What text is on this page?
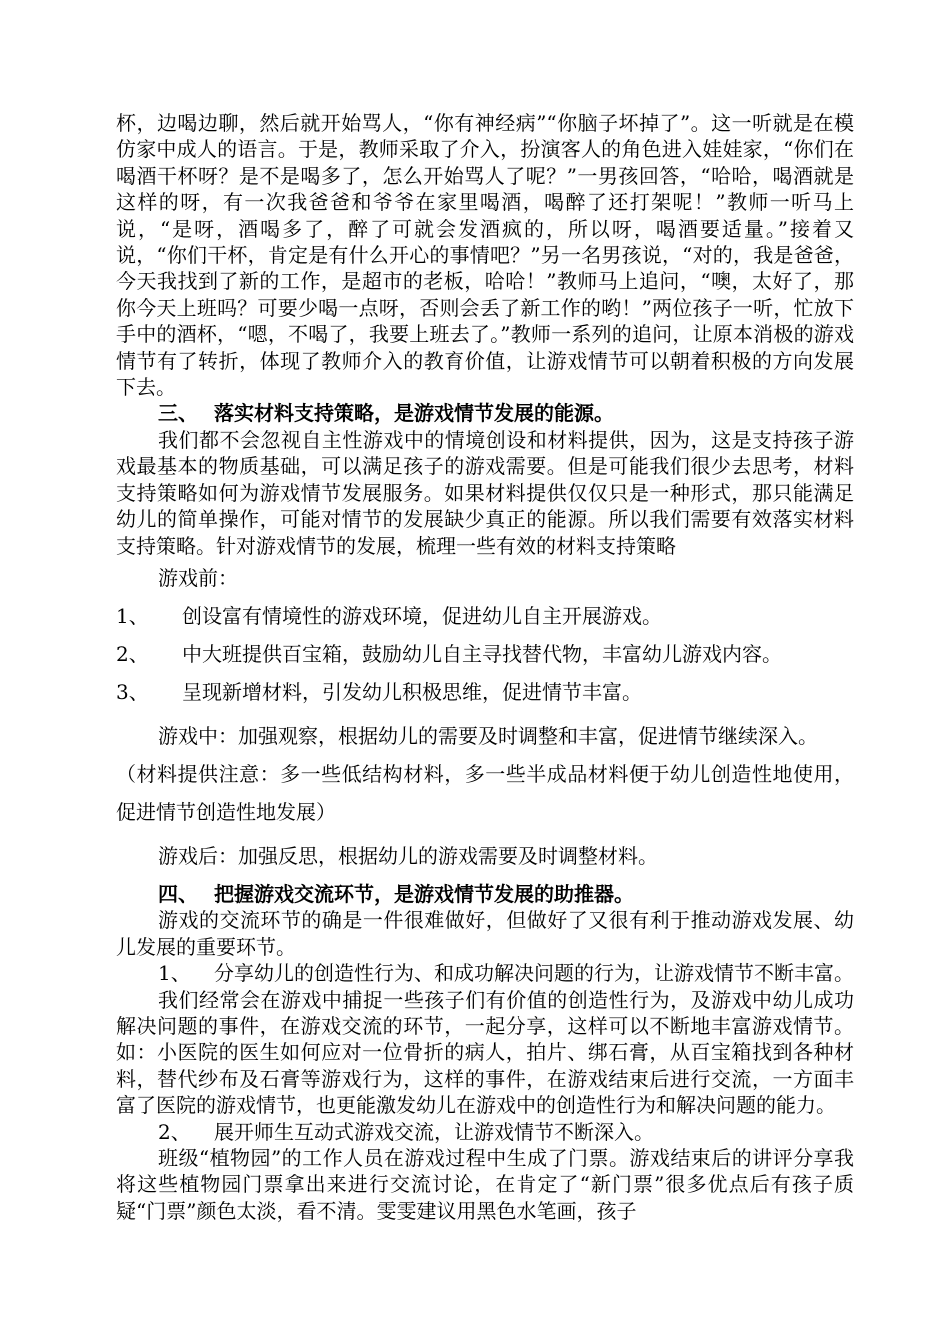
杯，边喝边聊，然后就开始骂人，“你有神经病”“你脑子坏掉了”。这一听就是在模仿家中成人的语言。于是，教师采取了介入，扮演客人的角色进入娃娃家，“你们在喝酒干杯呀？是不是喝多了，怎么开始骂人了呢？”一男孩回答，“哈哈，喝酒就是这样的呀，有一次我爸爸和爷爷在家里喝酒，喝醉了还打架呢！”教师一听马上说，“是呀，酒喝多了，醉了可就会发酒疯的，所以呀，喝酒要适量。”接着又说，“你们干杯，肯定是有什么开心的事情吧？”另一名男孩说，“对的，我是爸爸，今天我找到了新的工作，是超市的老板，哈哈！”教师马上追问，“噢，太好了，那你今天上班吗？可要少喝一点呀，否则会丢了新工作的哟！”两位孩子一听，忙放下手中的酒杯，“嗯，不喝了，我要上班去了。”教师一系列的追问，让原本消极的游戏情节有了转折，体现了教师介入的教育价值，让游戏情节可以朝着积极的方向发展下去。

三、 落实材料支持策略，是游戏情节发展的能源。

我们都不会忽视自主性游戏中的情境创设和材料提供，因为，这是支持孩子游戏最基本的物质基础，可以满足孩子的游戏需要。但是可能我们很少去思考，材料支持策略如何为游戏情节发展服务。如果材料提供仅仅只是一种形式，那只能满足幼儿的简单操作，可能对情节的发展缺少真正的能源。所以我们需要有效落实材料支持策略。针对游戏情节的发展，梳理一些有效的材料支持策略

游戏前：

1、	创设富有情境性的游戏环境，促进幼儿自主开展游戏。
2、	中大班提供百宝箱，鼓励幼儿自主寻找替代物，丰富幼儿游戏内容。
3、	呈现新增材料，引发幼儿积极思维，促进情节丰富。

游戏中：加强观察，根据幼儿的需要及时调整和丰富，促进情节继续深入。

（材料提供注意：多一些低结构材料，多一些半成品材料便于幼儿创造性地使用，促进情节创造性地发展）

游戏后：加强反思，根据幼儿的游戏需要及时调整材料。

四、 把握游戏交流环节，是游戏情节发展的助推器。

游戏的交流环节的确是一件很难做好，但做好了又很有利于推动游戏发展、幼儿发展的重要环节。

1、 分享幼儿的创造性行为、和成功解决问题的行为，让游戏情节不断丰富。

我们经常会在游戏中捕捉一些孩子们有价值的创造性行为，及游戏中幼儿成功解决问题的事件，在游戏交流的环节，一起分享，这样可以不断地丰富游戏情节。如：小医院的医生如何应对一位骨折的病人，拍片、绑石膏，从百宝箱找到各种材料，替代纱布及石膏等游戏行为，这样的事件，在游戏结束后进行交流，一方面丰富了医院的游戏情节，也更能激发幼儿在游戏中的创造性行为和解决问题的能力。

2、 展开师生互动式游戏交流，让游戏情节不断深入。

班级“植物园”的工作人员在游戏过程中生成了门票。游戏结束后的讲评分享我将这些植物园门票拿出来进行交流讨论，在肯定了“新门票”很多优点后有孩子质疑“门票”颜色太淡，看不清。雯雯建议用黑色水笔画，孩子
